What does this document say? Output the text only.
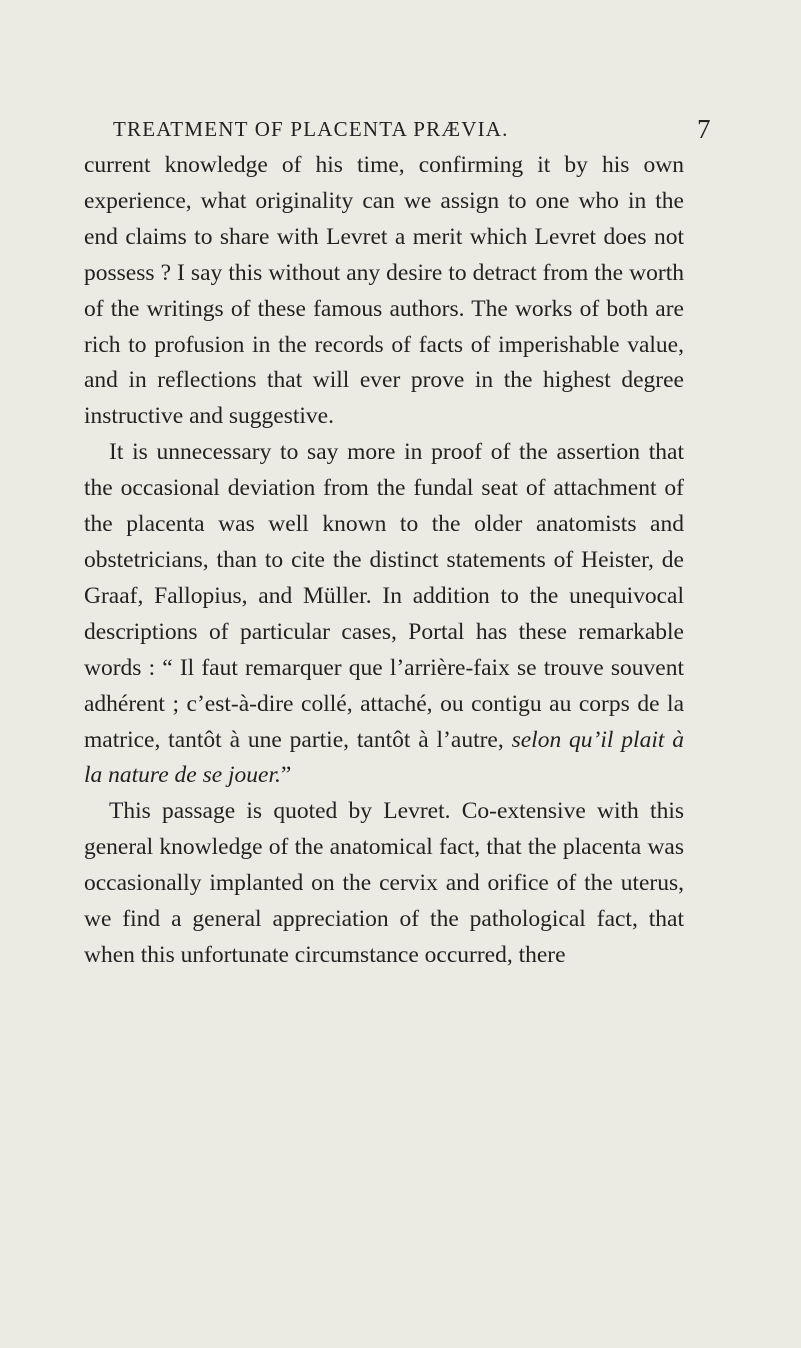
TREATMENT OF PLACENTA PRÆVIA.	7

current knowledge of his time, confirming it by his own experience, what originality can we assign to one who in the end claims to share with Levret a merit which Levret does not possess ? I say this without any desire to detract from the worth of the writings of these famous authors. The works of both are rich to profusion in the records of facts of imperishable value, and in reflections that will ever prove in the highest degree instructive and suggestive.

It is unnecessary to say more in proof of the assertion that the occasional deviation from the fundal seat of attachment of the placenta was well known to the older anatomists and obstetricians, than to cite the distinct statements of Heister, de Graaf, Fallopius, and Müller. In addition to the unequivocal descriptions of particular cases, Portal has these remarkable words : “ Il faut remarquer que l’arrière-faix se trouve souvent adhérent ; c’est-à-dire collé, attaché, ou contigu au corps de la matrice, tantôt à une partie, tantôt à l’autre, selon qu’il plait à la nature de se jouer.”

This passage is quoted by Levret. Co-extensive with this general knowledge of the anatomical fact, that the placenta was occasionally implanted on the cervix and orifice of the uterus, we find a general appreciation of the pathological fact, that when this unfortunate circumstance occurred, there
